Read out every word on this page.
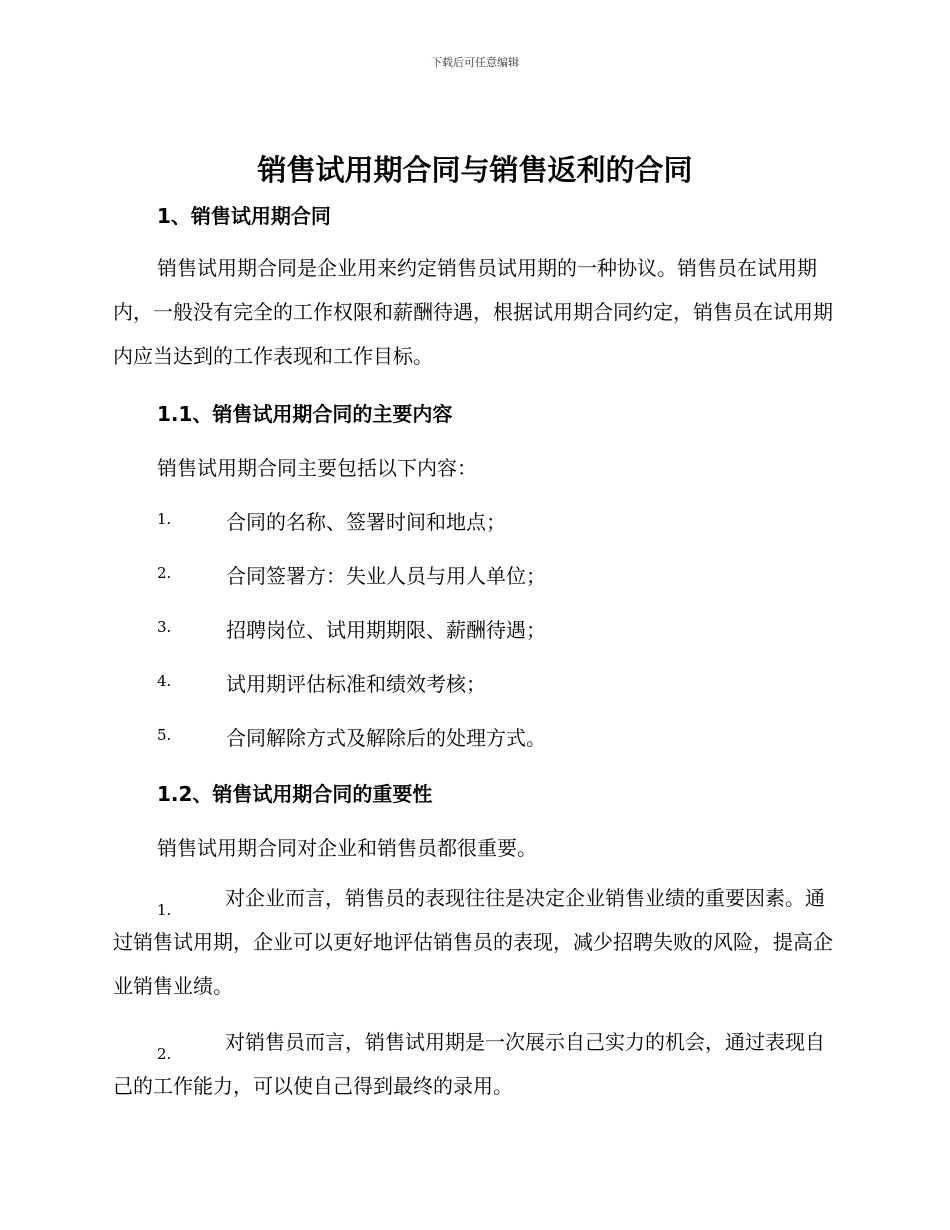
下载后可任意编辑
销售试用期合同与销售返利的合同
1、销售试用期合同
销售试用期合同是企业用来约定销售员试用期的一种协议。销售员在试用期内，一般没有完全的工作权限和薪酬待遇，根据试用期合同约定，销售员在试用期内应当达到的工作表现和工作目标。
1.1、销售试用期合同的主要内容
销售试用期合同主要包括以下内容：
1.	合同的名称、签署时间和地点；
2.	合同签署方：失业人员与用人单位；
3.	招聘岗位、试用期期限、薪酬待遇；
4.	试用期评估标准和绩效考核；
5.	合同解除方式及解除后的处理方式。
1.2、销售试用期合同的重要性
销售试用期合同对企业和销售员都很重要。
1.	对企业而言，销售员的表现往往是决定企业销售业绩的重要因素。通过销售试用期，企业可以更好地评估销售员的表现，减少招聘失败的风险，提高企业销售业绩。
2.	对销售员而言，销售试用期是一次展示自己实力的机会，通过表现自己的工作能力，可以使自己得到最终的录用。
